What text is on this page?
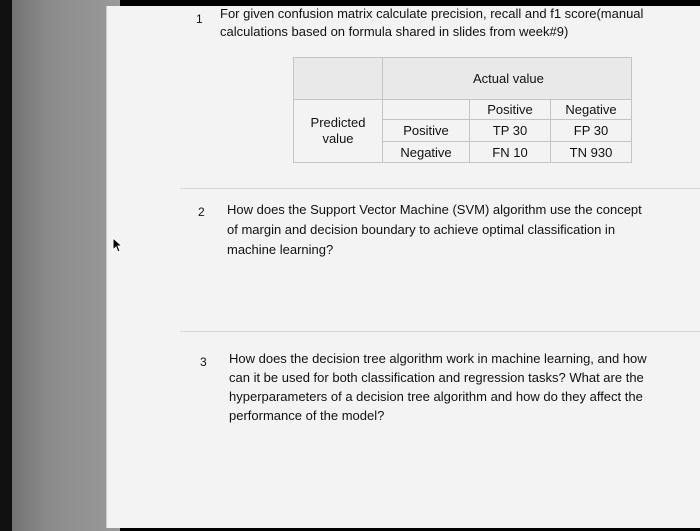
1 For given confusion matrix calculate precision, recall and f1 score(manual
calculations based on formula shared in slides from week#9)
	Actual value		

Predicted
value		Positive	Negative
	Positive	TP 30	FP 30
	Negative	FN 10	TN 930
2 How does the Support Vector Machine (SVM) algorithm use the concept
of margin and decision boundary to achieve optimal classification in
machine learning?
3 How does the decision tree algorithm work in machine learning, and how
can it be used for both classification and regression tasks? What are the
hyperparameters of a decision tree algorithm and how do they affect the
performance of the model?
